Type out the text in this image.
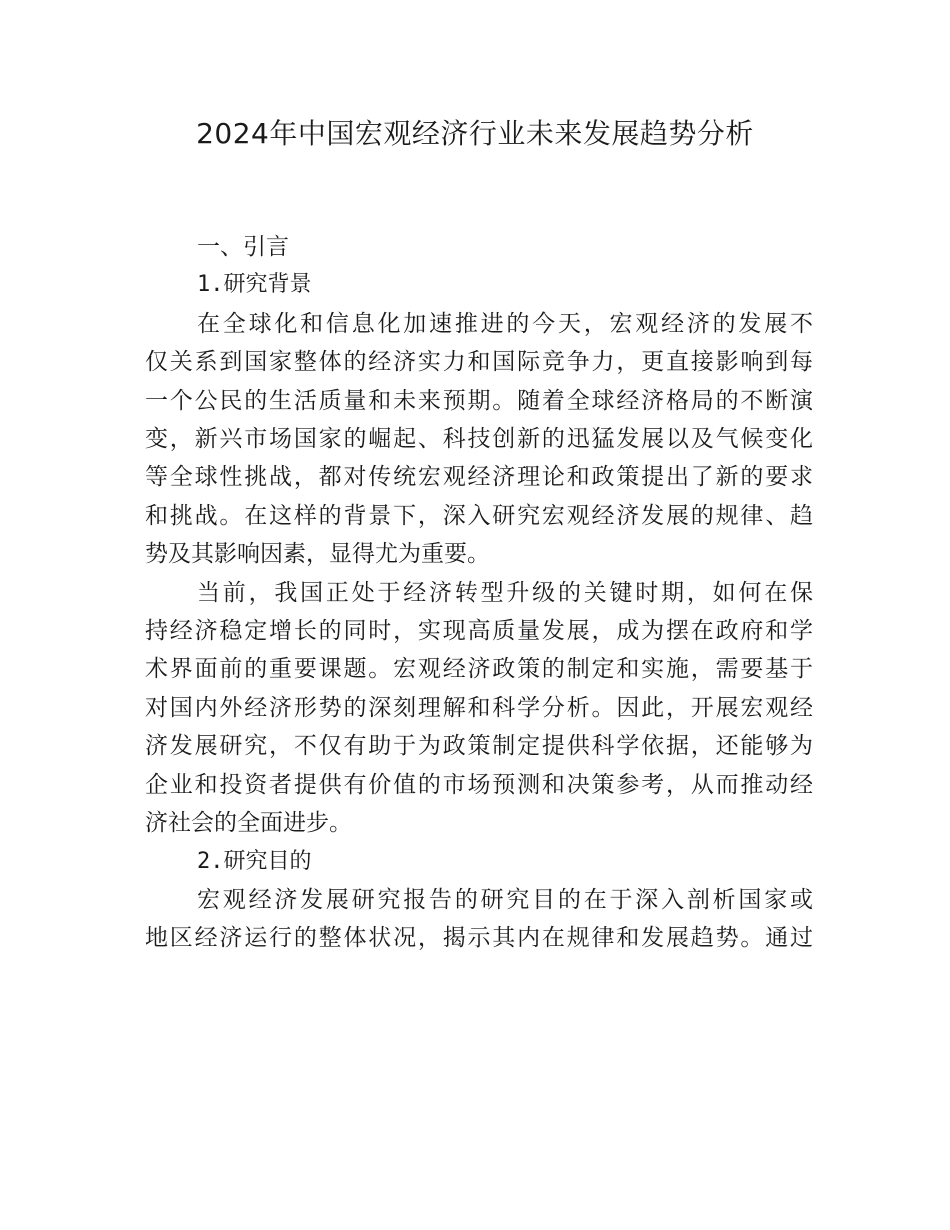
2024年中国宏观经济行业未来发展趋势分析
一、引言
1.研究背景

在全球化和信息化加速推进的今天，宏观经济的发展不
仅关系到国家整体的经济实力和国际竞争力，更直接影响到每
一个公民的生活质量和未来预期。随着全球经济格局的不断演
变，新兴市场国家的崛起、科技创新的迅猛发展以及气候变化
等全球性挑战，都对传统宏观经济理论和政策提出了新的要求
和挑战。在这样的背景下，深入研究宏观经济发展的规律、趋
势及其影响因素，显得尤为重要。

当前，我国正处于经济转型升级的关键时期，如何在保
持经济稳定增长的同时，实现高质量发展，成为摆在政府和学
术界面前的重要课题。宏观经济政策的制定和实施，需要基于
对国内外经济形势的深刻理解和科学分析。因此，开展宏观经
济发展研究，不仅有助于为政策制定提供科学依据，还能够为
企业和投资者提供有价值的市场预测和决策参考，从而推动经
济社会的全面进步。

2.研究目的

宏观经济发展研究报告的研究目的在于深入剖析国家或
地区经济运行的整体状况，揭示其内在规律和发展趋势。通过
